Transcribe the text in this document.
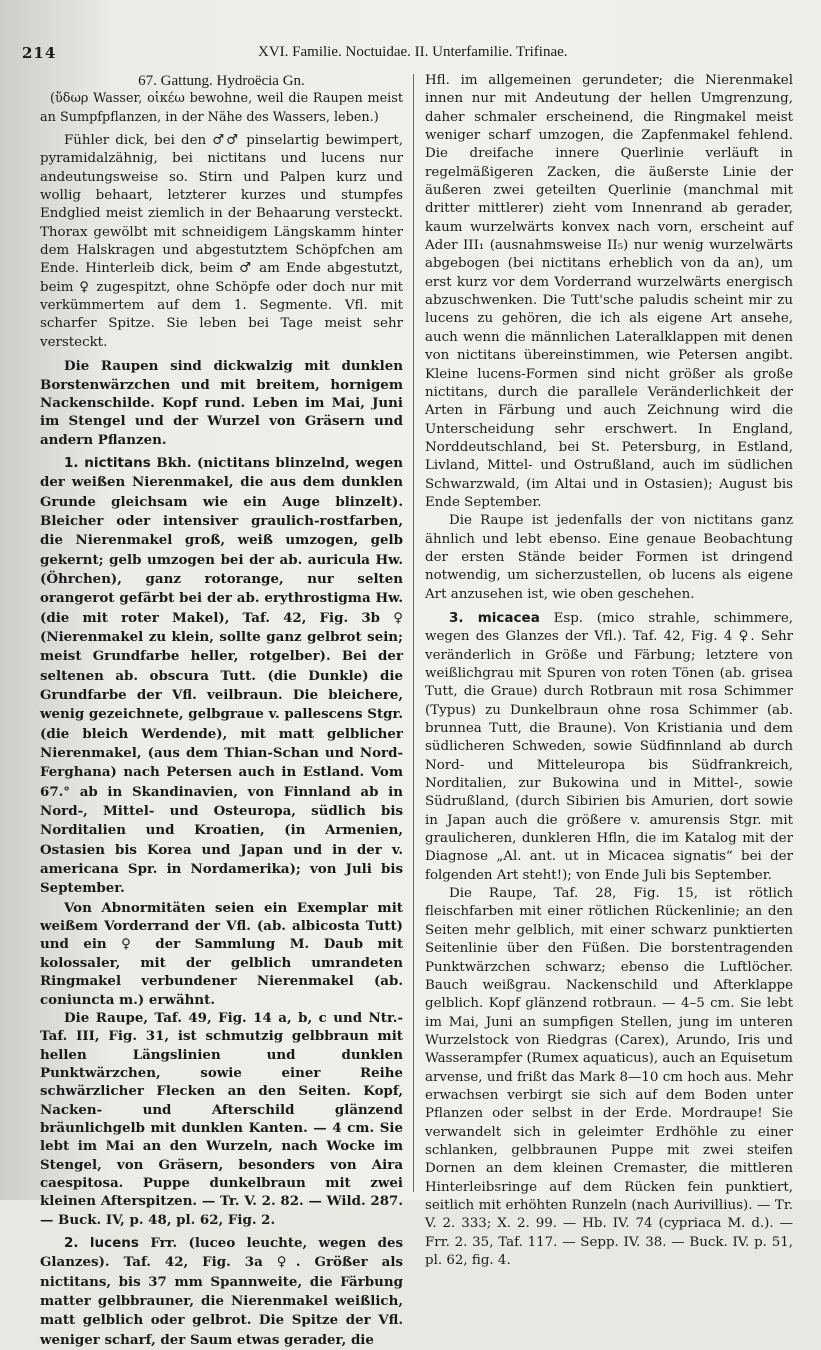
214	XVI. Familie. Noctuidae. II. Unterfamilie. Trifinae.

67. Gattung. Hydroëcia Gn.

(ὕδωρ Wasser, οἰκέω bewohne, weil die Raupen meist an Sumpfpflanzen, in der Nähe des Wassers, leben.)

Fühler dick, bei den ♂♂ pinselartig bewimpert, pyramidalzähnig, bei nictitans und lucens nur andeutungsweise so. Stirn und Palpen kurz und wollig behaart, letzterer kurzes und stumpfes Endglied meist ziemlich in der Behaarung versteckt. Thorax gewölbt mit schneidigem Längskamm hinter dem Halskragen und abgestutztem Schöpfchen am Ende. Hinterleib dick, beim ♂ am Ende abgestutzt, beim ♀ zugespitzt, ohne Schöpfe oder doch nur mit verkümmertem auf dem 1. Segmente. Vfl. mit scharfer Spitze. Sie leben bei Tage meist sehr versteckt.

Die Raupen sind dickwalzig mit dunklen Borstenwärzchen und mit breitem, hornigem Nackenschilde. Kopf rund. Leben im Mai, Juni im Stengel und der Wurzel von Gräsern und andern Pflanzen.

1. nictitans Bkh. (nictitans blinzelnd, wegen der weißen Nierenmakel, die aus dem dunklen Grunde gleichsam wie ein Auge blinzelt). Bleicher oder intensiver graulich-rostfarben, die Nierenmakel groß, weiß umzogen, gelb gekernt; gelb umzogen bei der ab. auricula Hw. (Öhrchen), ganz rotorange, nur selten orangerot gefärbt bei der ab. erythrostigma Hw. (die mit roter Makel), Taf. 42, Fig. 3b ♀ (Nierenmakel zu klein, sollte ganz gelbrot sein; meist Grundfarbe heller, rotgelber). Bei der seltenen ab. obscura Tutt. (die Dunkle) die Grundfarbe der Vfl. veilbraun. Die bleichere, wenig gezeichnete, gelbgraue v. pallescens Stgr. (die bleich Werdende), mit matt gelblicher Nierenmakel, (aus dem Thian-Schan und Nord-Ferghana) nach Petersen auch in Estland. Vom 67.° ab in Skandinavien, von Finnland ab in Nord-, Mittel- und Osteuropa, südlich bis Norditalien und Kroatien, (in Armenien, Ostasien bis Korea und Japan und in der v. americana Spr. in Nordamerika); von Juli bis September.

Von Abnormitäten seien ein Exemplar mit weißem Vorderrand der Vfl. (ab. albicosta Tutt) und ein ♀ der Sammlung M. Daub mit kolossaler, mit der gelblich umrandeten Ringmakel verbundener Nierenmakel (ab. coniuncta m.) erwähnt.

Die Raupe, Taf. 49, Fig. 14 a, b, c und Ntr.-Taf. III, Fig. 31, ist schmutzig gelbbraun mit hellen Längslinien und dunklen Punktwärzchen, sowie einer Reihe schwärzlicher Flecken an den Seiten. Kopf, Nacken- und Afterschild glänzend bräunlichgelb mit dunklen Kanten. — 4 cm. Sie lebt im Mai an den Wurzeln, nach Wocke im Stengel, von Gräsern, besonders von Aira caespitosa. Puppe dunkelbraun mit zwei kleinen Afterspitzen. — Tr. V. 2. 82. — Wild. 287. — Buck. IV, p. 48, pl. 62, Fig. 2.

2. lucens Frr. (luceo leuchte, wegen des Glanzes). Taf. 42, Fig. 3a ♀. Größer als nictitans, bis 37 mm Spannweite, die Färbung matter gelbbrauner, die Nierenmakel weißlich, matt gelblich oder gelbrot. Die Spitze der Vfl. weniger scharf, der Saum etwas gerader, die

Hfl. im allgemeinen gerundeter; die Nierenmakel innen nur mit Andeutung der hellen Umgrenzung, daher schmaler erscheinend, die Ringmakel meist weniger scharf umzogen, die Zapfenmakel fehlend. Die dreifache innere Querlinie verläuft in regelmäßigeren Zacken, die äußerste Linie der äußeren zwei geteilten Querlinie (manchmal mit dritter mittlerer) zieht vom Innenrand ab gerader, kaum wurzelwärts konvex nach vorn, erscheint auf Ader III₁ (ausnahmsweise II₅) nur wenig wurzelwärts abgebogen (bei nictitans erheblich von da an), um erst kurz vor dem Vorderrand wurzelwärts energisch abzuschwenken. Die Tutt'sche paludis scheint mir zu lucens zu gehören, die ich als eigene Art ansehe, auch wenn die männlichen Lateralklappen mit denen von nictitans übereinstimmen, wie Petersen angibt. Kleine lucens-Formen sind nicht größer als große nictitans, durch die parallele Veränderlichkeit der Arten in Färbung und auch Zeichnung wird die Unterscheidung sehr erschwert. In England, Norddeutschland, bei St. Petersburg, in Estland, Livland, Mittel- und Ostrußland, auch im südlichen Schwarzwald, (im Altai und in Ostasien); August bis Ende September.

Die Raupe ist jedenfalls der von nictitans ganz ähnlich und lebt ebenso. Eine genaue Beobachtung der ersten Stände beider Formen ist dringend notwendig, um sicherzustellen, ob lucens als eigene Art anzusehen ist, wie oben geschehen.

3. micacea Esp. (mico strahle, schimmere, wegen des Glanzes der Vfl.). Taf. 42, Fig. 4 ♀. Sehr veränderlich in Größe und Färbung; letztere von weißlichgrau mit Spuren von roten Tönen (ab. grisea Tutt, die Graue) durch Rotbraun mit rosa Schimmer (Typus) zu Dunkelbraun ohne rosa Schimmer (ab. brunnea Tutt, die Braune). Von Kristiania und dem südlicheren Schweden, sowie Südfinnland ab durch Nord- und Mitteleuropa bis Südfrankreich, Norditalien, zur Bukowina und in Mittel-, sowie Südrußland, (durch Sibirien bis Amurien, dort sowie in Japan auch die größere v. amurensis Stgr. mit graulicheren, dunkleren Hfln, die im Katalog mit der Diagnose „Al. ant. ut in Micacea signatis“ bei der folgenden Art steht!); von Ende Juli bis September.

Die Raupe, Taf. 28, Fig. 15, ist rötlich fleischfarben mit einer rötlichen Rückenlinie; an den Seiten mehr gelblich, mit einer schwarz punktierten Seitenlinie über den Füßen. Die borstentragenden Punktwärzchen schwarz; ebenso die Luftlöcher. Bauch weißgrau. Nackenschild und Afterklappe gelblich. Kopf glänzend rotbraun. — 4–5 cm. Sie lebt im Mai, Juni an sumpfigen Stellen, jung im unteren Wurzelstock von Riedgras (Carex), Arundo, Iris und Wasserampfer (Rumex aquaticus), auch an Equisetum arvense, und frißt das Mark 8—10 cm hoch aus. Mehr erwachsen verbirgt sie sich auf dem Boden unter Pflanzen oder selbst in der Erde. Mordraupe! Sie verwandelt sich in geleimter Erdhöhle zu einer schlanken, gelbbraunen Puppe mit zwei steifen Dornen an dem kleinen Cremaster, die mittleren Hinterleibsringe auf dem Rücken fein punktiert, seitlich mit erhöhten Runzeln (nach Aurivillius). — Tr. V. 2. 333; X. 2. 99. — Hb. IV. 74 (cypriaca M. d.). — Frr. 2. 35, Taf. 117. — Sepp. IV. 38. — Buck. IV. p. 51, pl. 62, fig. 4.
